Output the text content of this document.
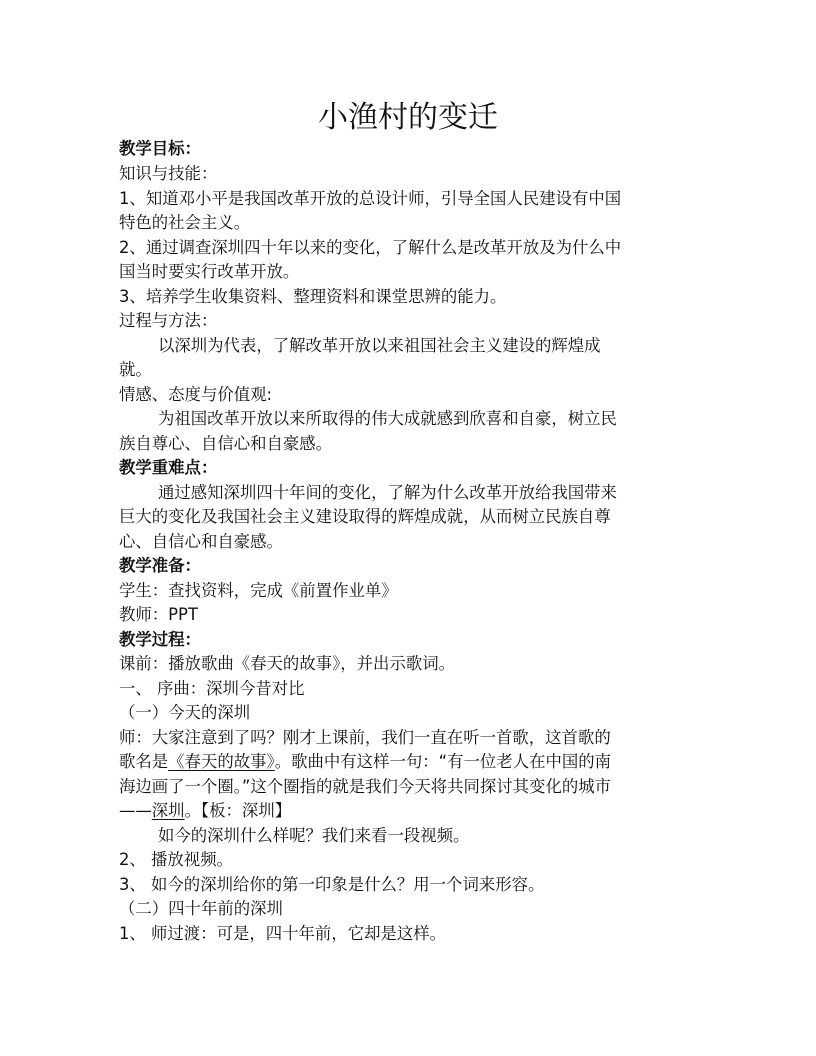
小渔村的变迁
教学目标：
知识与技能：
1、知道邓小平是我国改革开放的总设计师，引导全国人民建设有中国
特色的社会主义。
2、通过调查深圳四十年以来的变化，了解什么是改革开放及为什么中
国当时要实行改革开放。
3、培养学生收集资料、整理资料和课堂思辨的能力。
过程与方法：
以深圳为代表，了解改革开放以来祖国社会主义建设的辉煌成
就。
情感、态度与价值观:
为祖国改革开放以来所取得的伟大成就感到欣喜和自豪，树立民
族自尊心、自信心和自豪感。
教学重难点：
通过感知深圳四十年间的变化，了解为什么改革开放给我国带来
巨大的变化及我国社会主义建设取得的辉煌成就，从而树立民族自尊
心、自信心和自豪感。
教学准备：
学生：查找资料，完成《前置作业单》
教师：PPT
教学过程：
课前：播放歌曲《春天的故事》，并出示歌词。
一、 序曲：深圳今昔对比
（一）今天的深圳
师：大家注意到了吗？刚才上课前，我们一直在听一首歌，这首歌的
歌名是《春天的故事》。歌曲中有这样一句：“有一位老人在中国的南
海边画了一个圈。”这个圈指的就是我们今天将共同探讨其变化的城市
——深圳。【板：深圳】
如今的深圳什么样呢？我们来看一段视频。
2、 播放视频。
3、 如今的深圳给你的第一印象是什么？用一个词来形容。
（二）四十年前的深圳
1、 师过渡：可是，四十年前，它却是这样。
